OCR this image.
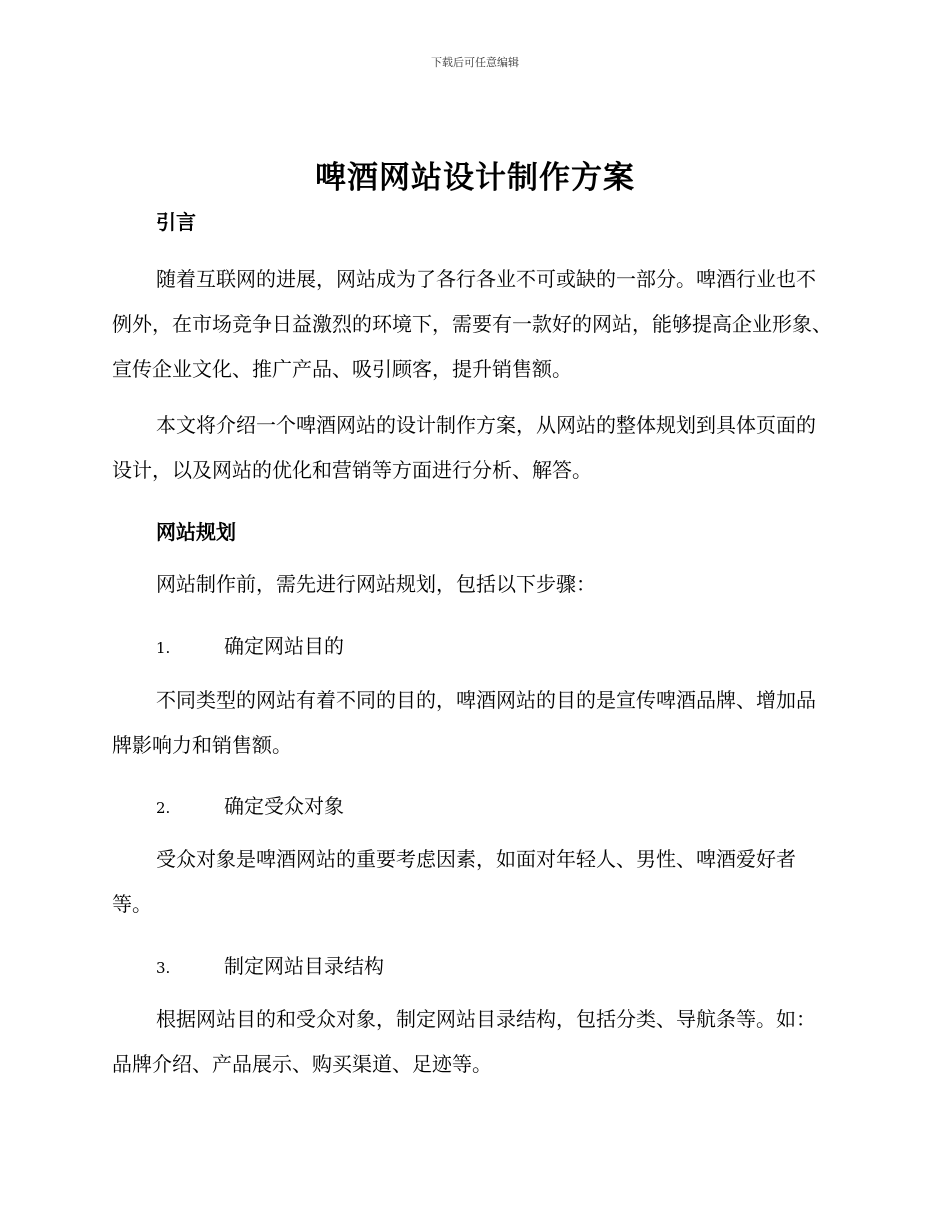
下载后可任意编辑
啤酒网站设计制作方案
引言

随着互联网的进展，网站成为了各行各业不可或缺的一部分。啤酒行业也不例外，在市场竞争日益激烈的环境下，需要有一款好的网站，能够提高企业形象、宣传企业文化、推广产品、吸引顾客，提升销售额。

本文将介绍一个啤酒网站的设计制作方案，从网站的整体规划到具体页面的设计，以及网站的优化和营销等方面进行分析、解答。

网站规划

网站制作前，需先进行网站规划，包括以下步骤：

1.	确定网站目的

不同类型的网站有着不同的目的，啤酒网站的目的是宣传啤酒品牌、增加品牌影响力和销售额。

2.	确定受众对象

受众对象是啤酒网站的重要考虑因素，如面对年轻人、男性、啤酒爱好者等。

3.	制定网站目录结构

根据网站目的和受众对象，制定网站目录结构，包括分类、导航条等。如：品牌介绍、产品展示、购买渠道、足迹等。
